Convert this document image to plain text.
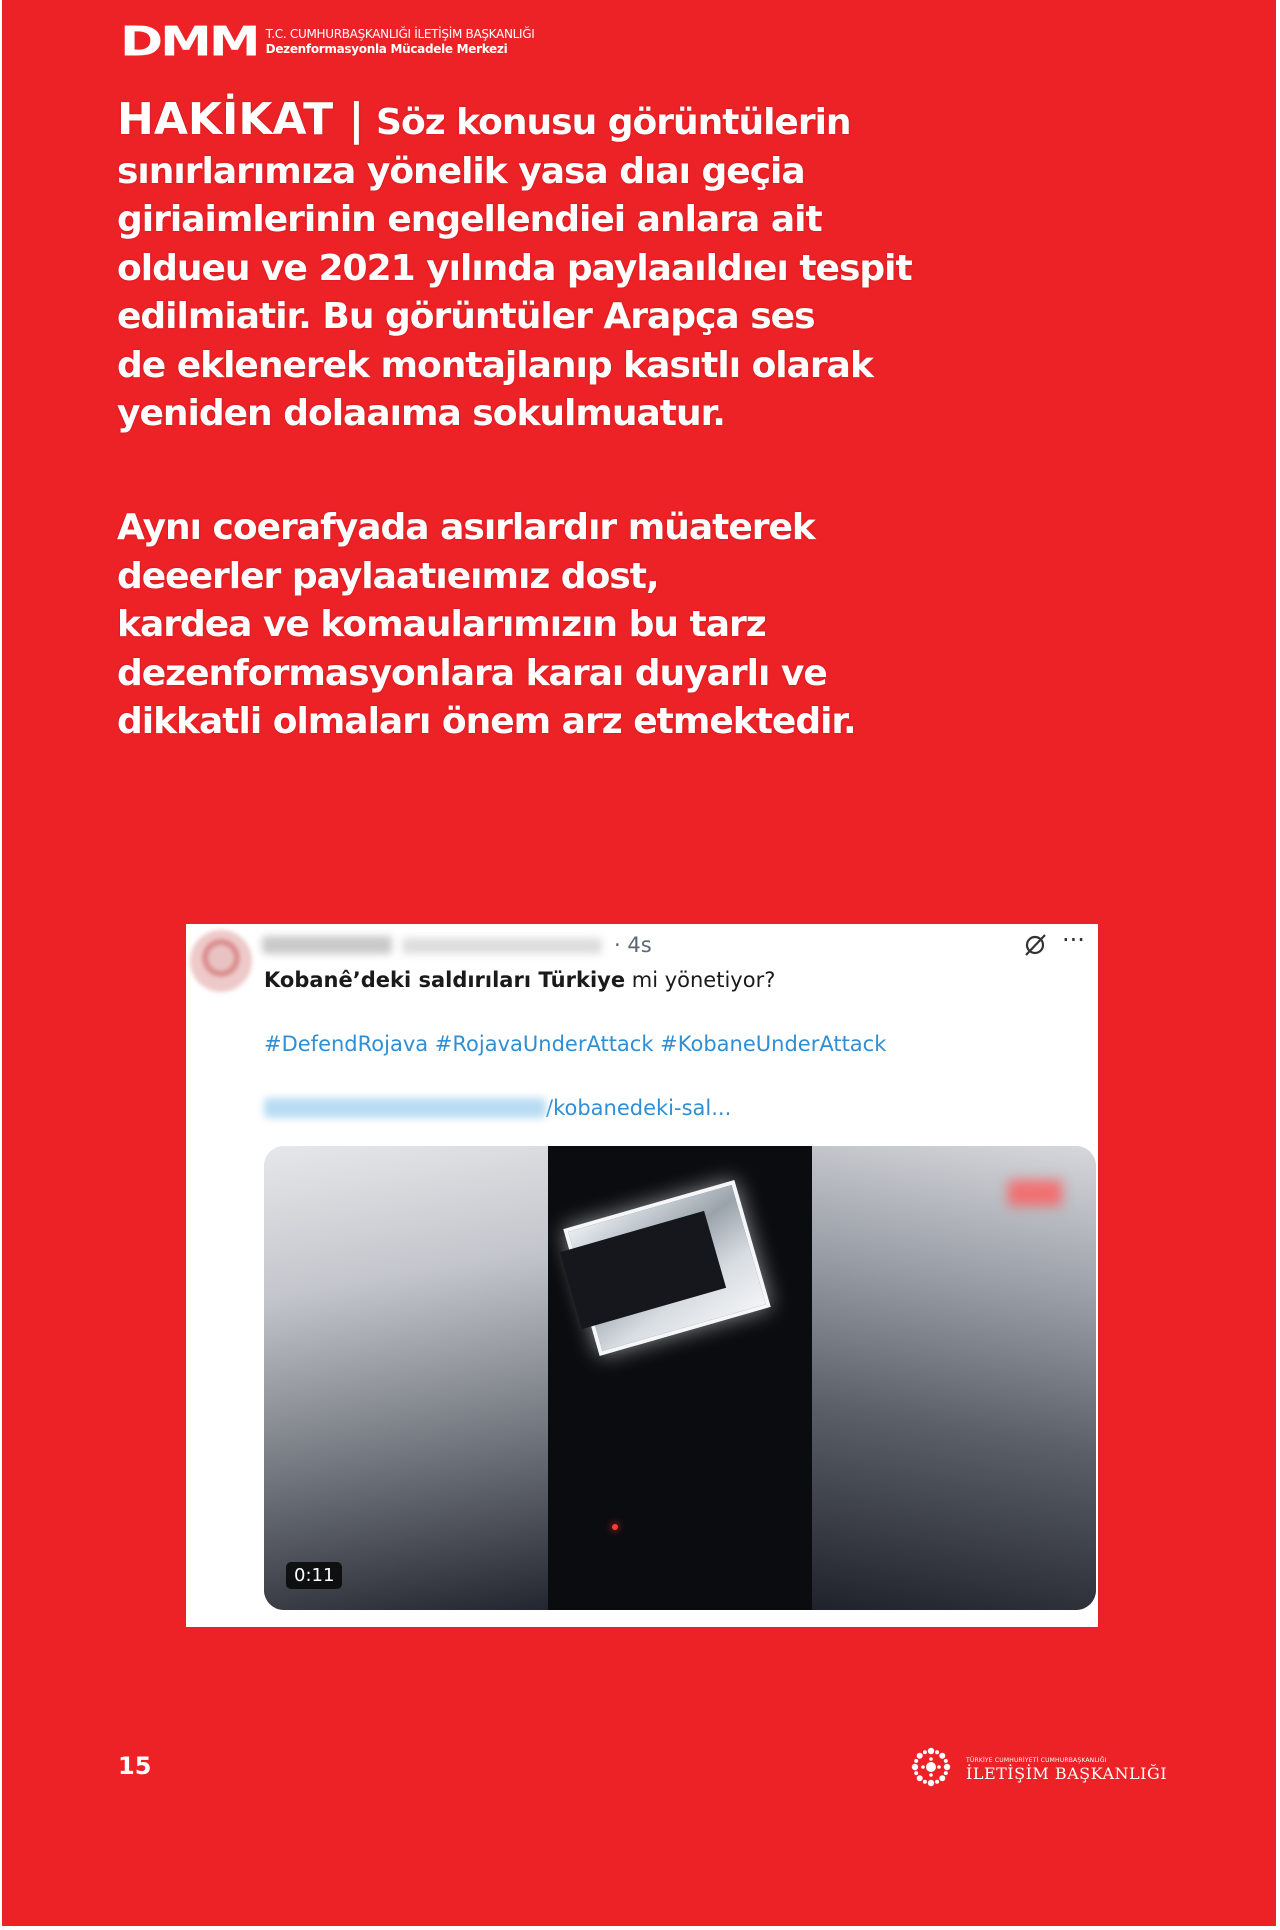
DMM T.C. CUMHURBAŞKANLIĞI İLETİŞİM BAŞKANLIĞI
Dezenformasyonla Mücadele Merkezi
HAKİKAT | Söz konusu görüntülerin
sınırlarımıza yönelik yasa dıaı geçia
giriaimlerinin engellendiei anlara ait
oldueu ve 2021 yılında paylaaıldıeı tespit
edilmiatir. Bu görüntüler Arapça ses
de eklenerek montajlanıp kasıtlı olarak
yeniden dolaaıma sokulmuatur.
Aynı coerafyada asırlardır müaterek
deeerler paylaatıeımız dost,
kardea ve komaularımızın bu tarz
dezenformasyonlara karaı duyarlı ve
dikkatli olmaları önem arz etmektedir.
· 4s	···
Kobanê’deki saldırıları Türkiye mi yönetiyor?
#DefendRojava #RojavaUnderAttack #KobaneUnderAttack
/kobanedeki-sal...
0:11
15	TÜRKİYE CUMHURİYETİ CUMHURBAŞKANLIĞI
İLETİŞİM BAŞKANLIĞI
